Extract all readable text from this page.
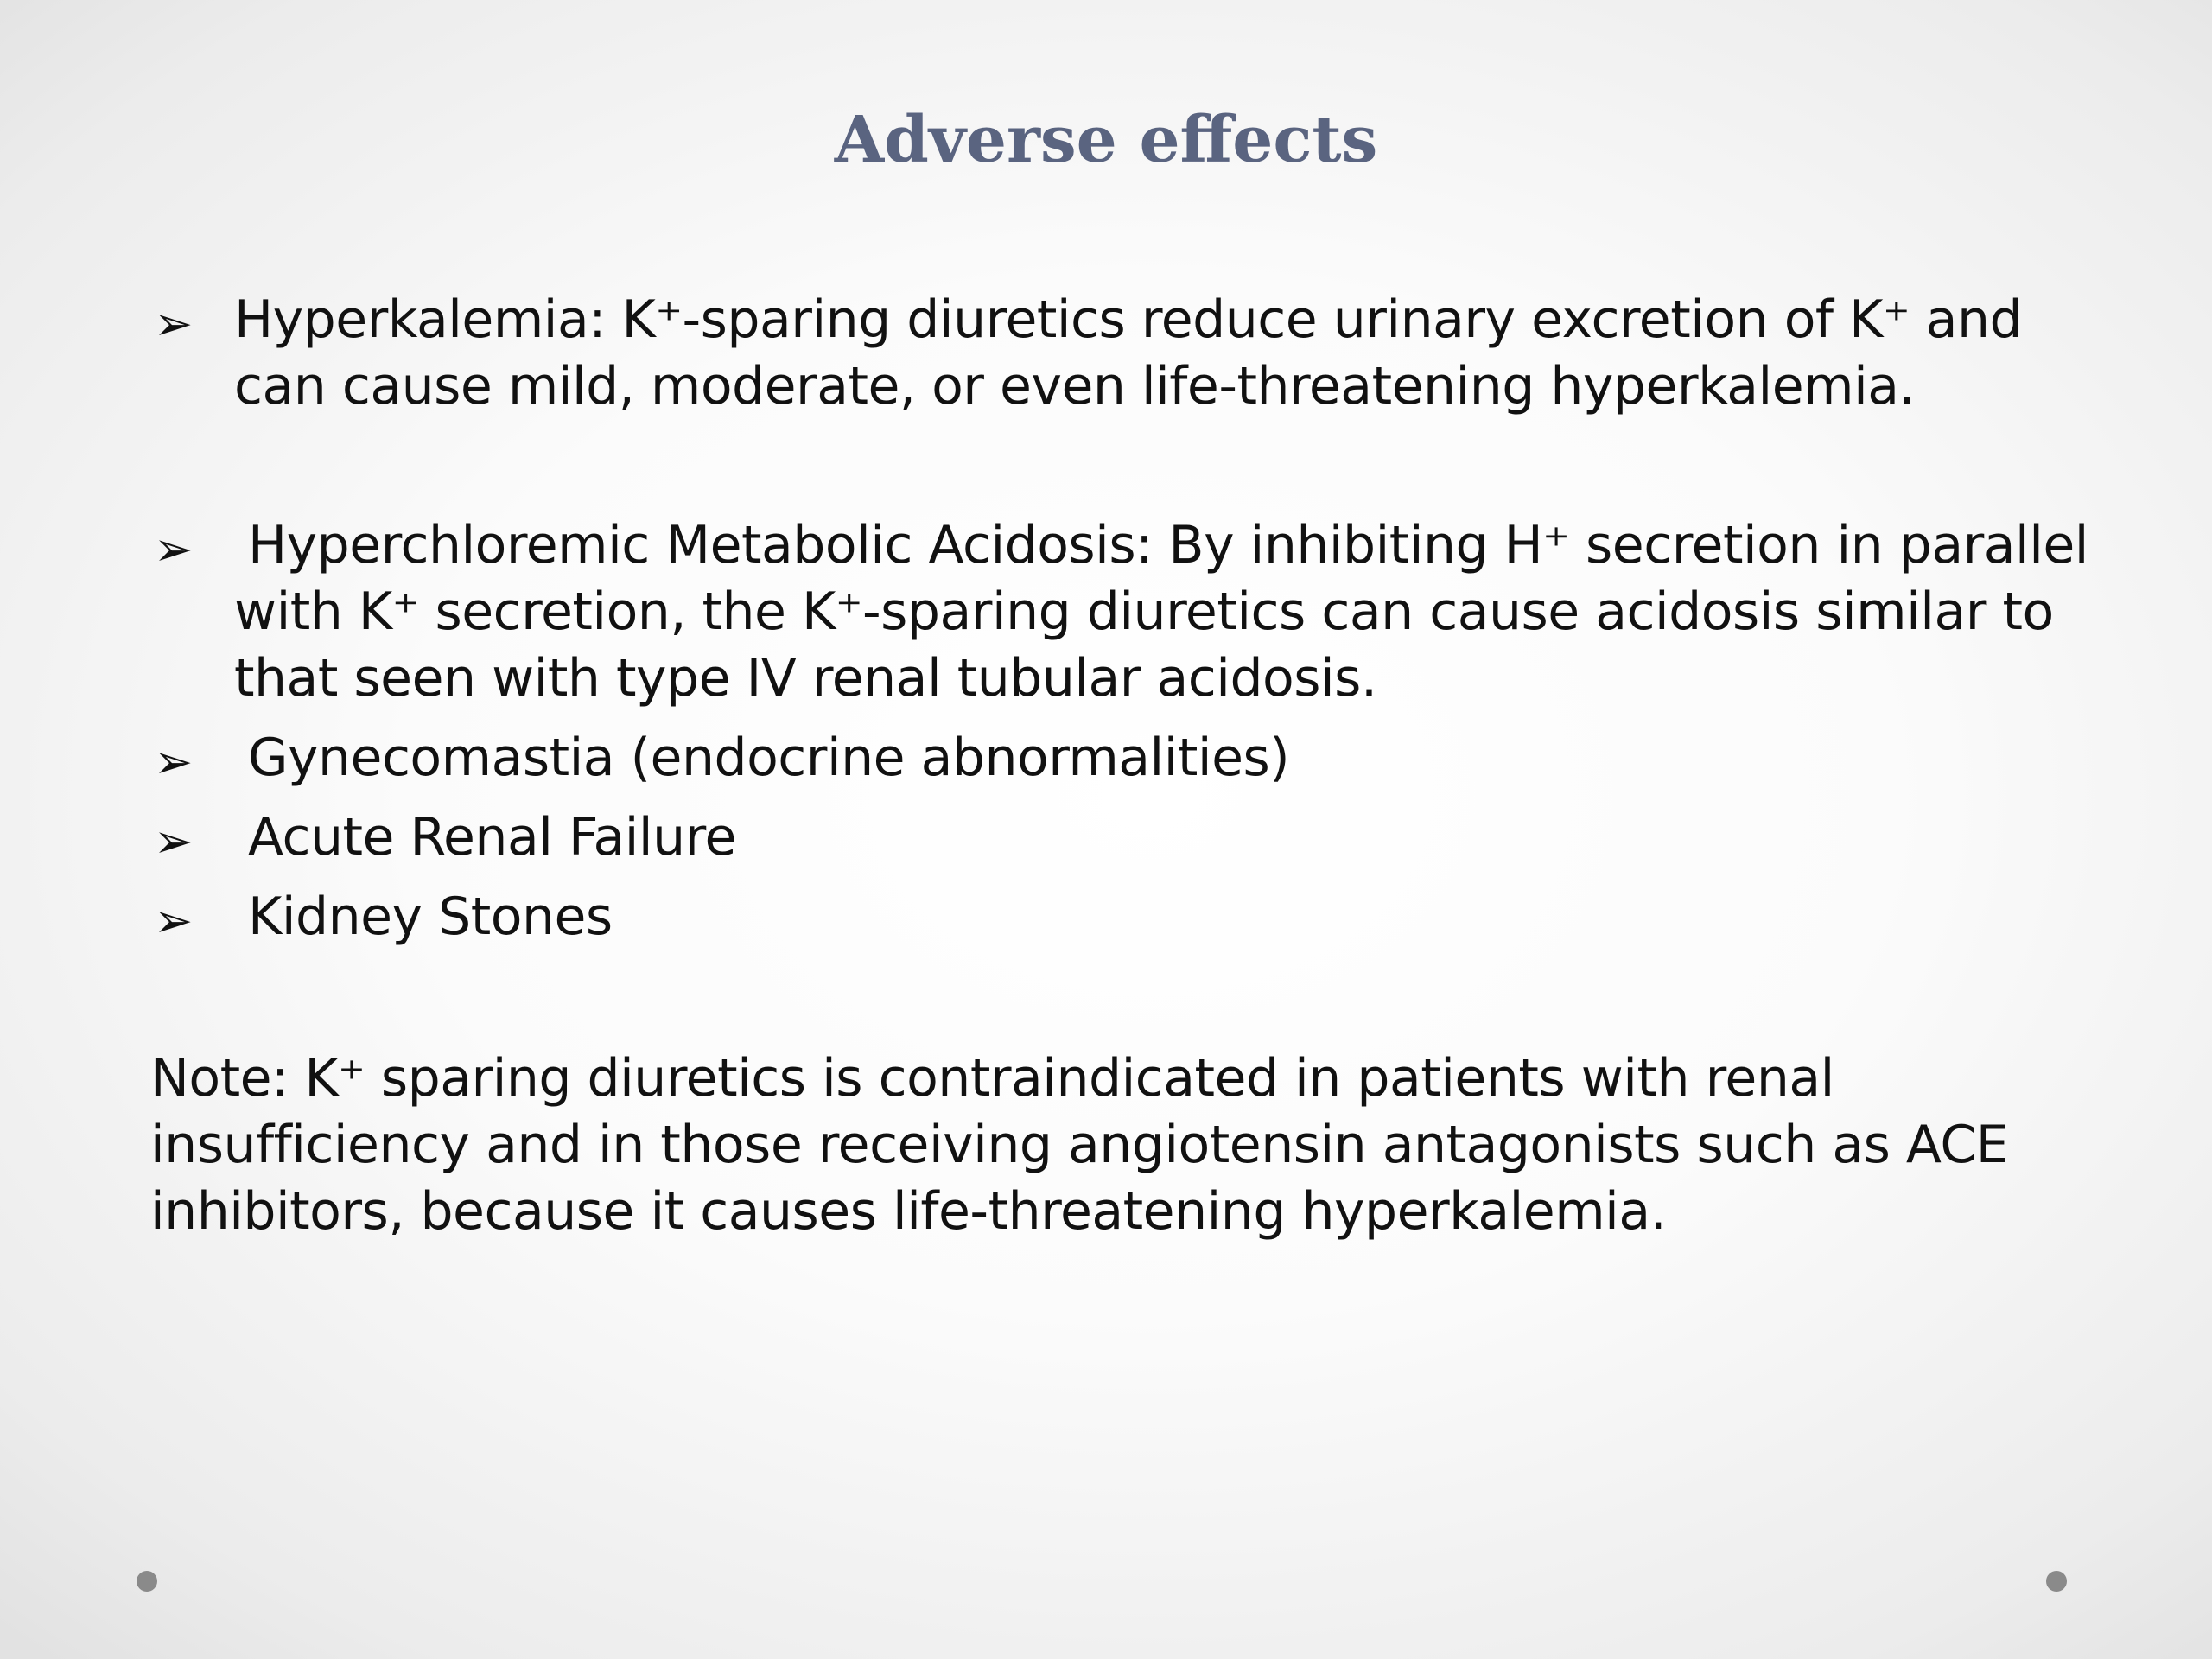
Adverse effects
➢ Hyperkalemia: K⁺-sparing diuretics reduce urinary excretion of K⁺ and can cause mild, moderate, or even life-threatening hyperkalemia.
➢ Hyperchloremic Metabolic Acidosis: By inhibiting H⁺ secretion in parallel with K⁺ secretion, the K⁺-sparing diuretics can cause acidosis similar to that seen with type IV renal tubular acidosis.
➢ Gynecomastia (endocrine abnormalities)
➢ Acute Renal Failure
➢ Kidney Stones

Note: K⁺ sparing diuretics is contraindicated in patients with renal insufficiency and in those receiving angiotensin antagonists such as ACE inhibitors, because it causes life-threatening hyperkalemia.
